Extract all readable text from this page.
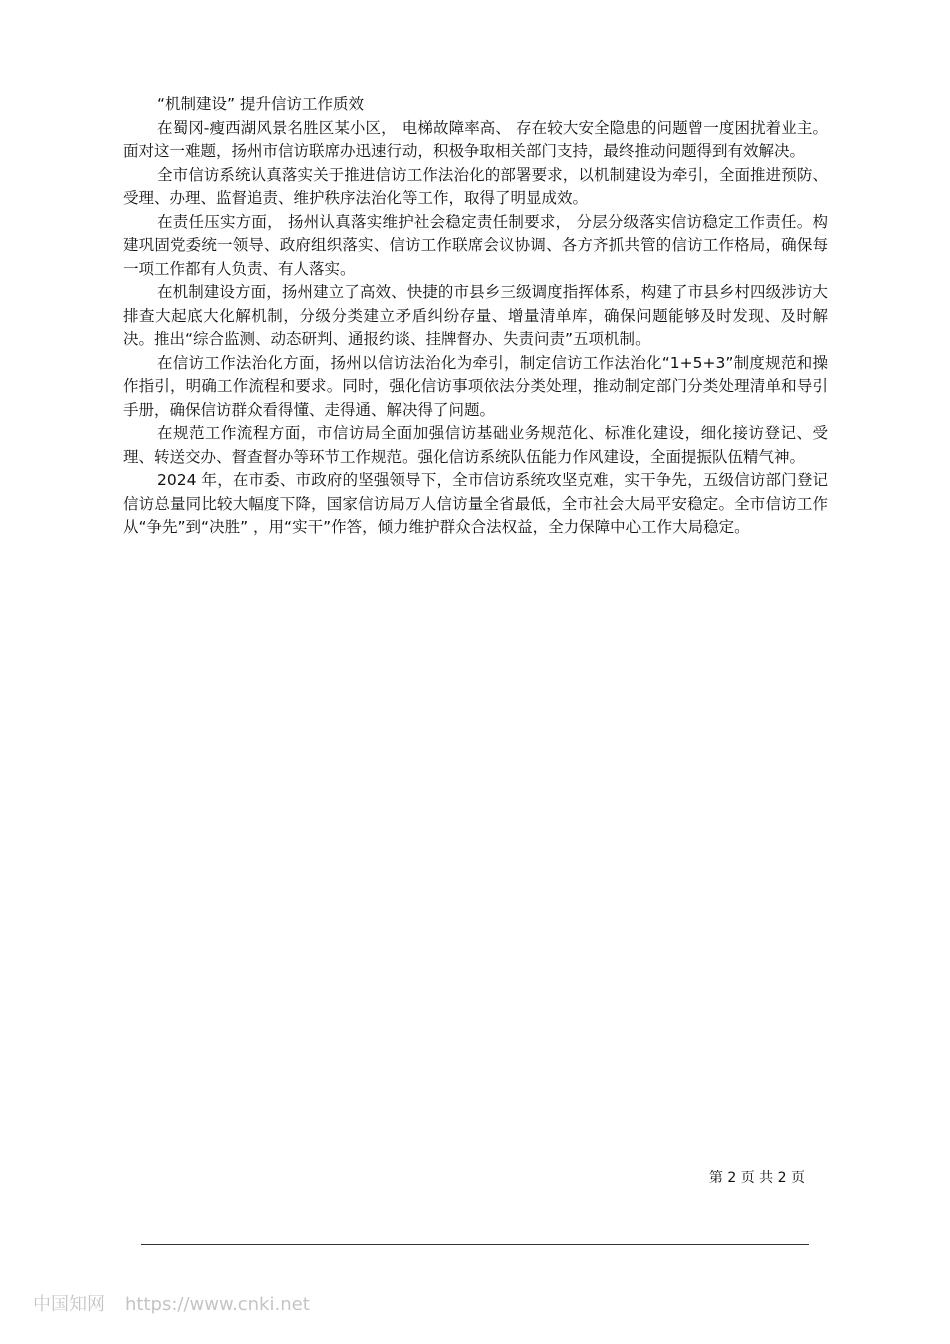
“机制建设” 提升信访工作质效

在蜀冈-瘦西湖风景名胜区某小区， 电梯故障率高、 存在较大安全隐患的问题曾一度困扰着业主。面对这一难题，扬州市信访联席办迅速行动，积极争取相关部门支持，最终推动问题得到有效解决。

全市信访系统认真落实关于推进信访工作法治化的部署要求，以机制建设为牵引，全面推进预防、受理、办理、监督追责、维护秩序法治化等工作，取得了明显成效。

在责任压实方面， 扬州认真落实维护社会稳定责任制要求， 分层分级落实信访稳定工作责任。构建巩固党委统一领导、政府组织落实、信访工作联席会议协调、各方齐抓共管的信访工作格局，确保每一项工作都有人负责、有人落实。

在机制建设方面，扬州建立了高效、快捷的市县乡三级调度指挥体系，构建了市县乡村四级涉访大排查大起底大化解机制，分级分类建立矛盾纠纷存量、增量清单库，确保问题能够及时发现、及时解决。推出“综合监测、动态研判、通报约谈、挂牌督办、失责问责”五项机制。

在信访工作法治化方面，扬州以信访法治化为牵引，制定信访工作法治化“1+5+3”制度规范和操作指引，明确工作流程和要求。同时，强化信访事项依法分类处理，推动制定部门分类处理清单和导引手册，确保信访群众看得懂、走得通、解决得了问题。

在规范工作流程方面，市信访局全面加强信访基础业务规范化、标准化建设，细化接访登记、受理、转送交办、督查督办等环节工作规范。强化信访系统队伍能力作风建设，全面提振队伍精气神。

2024 年，在市委、市政府的坚强领导下，全市信访系统攻坚克难，实干争先，五级信访部门登记信访总量同比较大幅度下降，国家信访局万人信访量全省最低，全市社会大局平安稳定。全市信访工作从“争先”到“决胜” ，用“实干”作答，倾力维护群众合法权益，全力保障中心工作大局稳定。

第 2 页 共 2 页
中国知网 https://www.cnki.net
